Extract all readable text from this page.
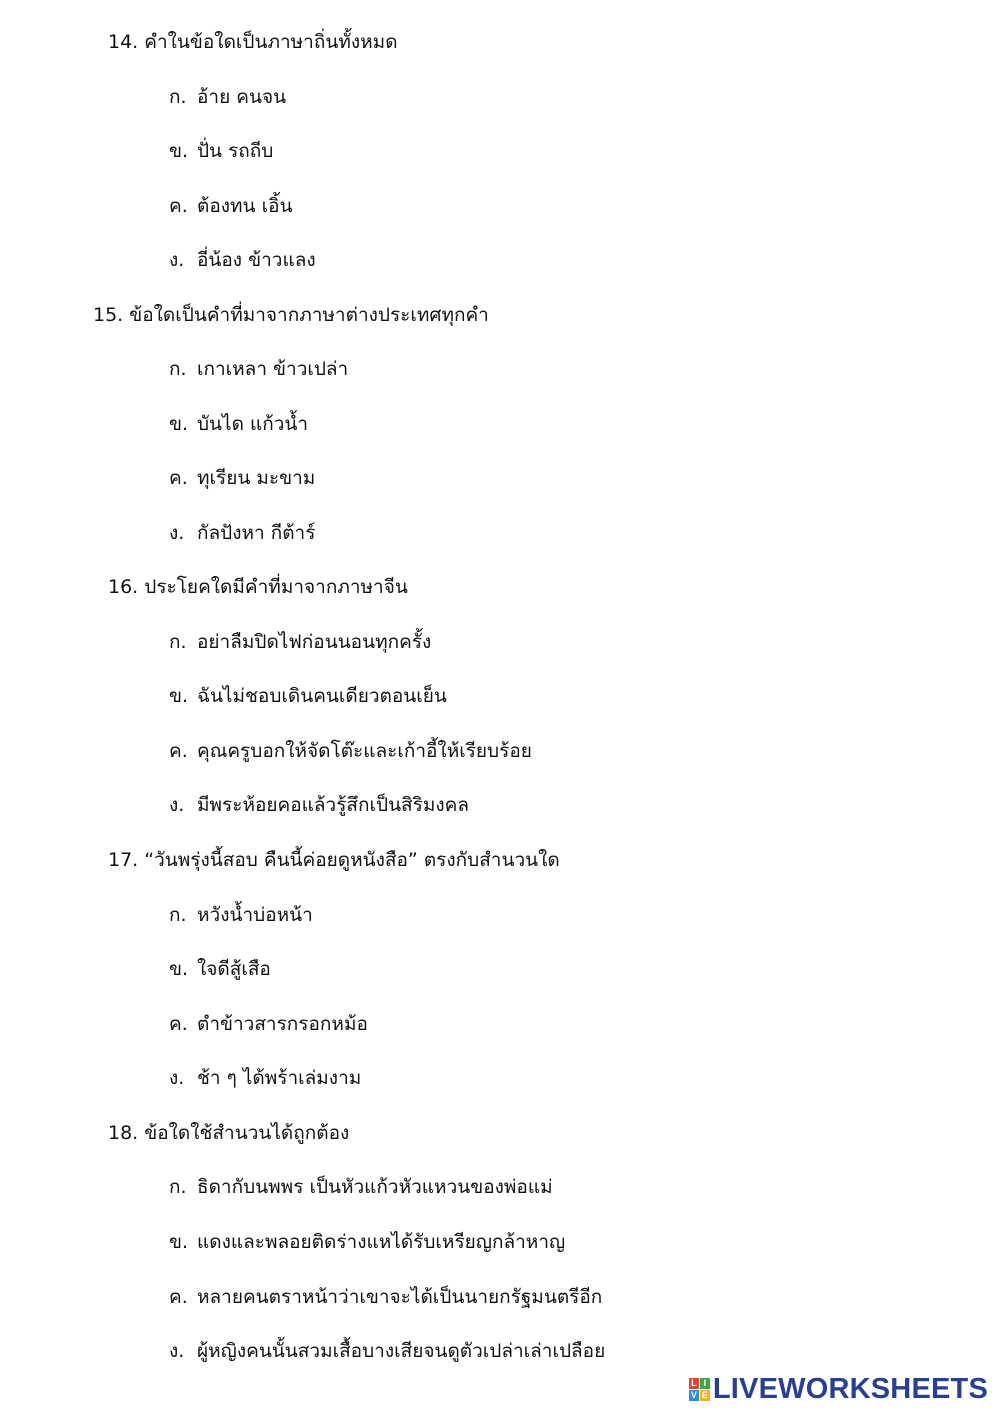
14. คำในข้อใดเป็นภาษาถิ่นทั้งหมด
ก. อ้าย คนจน
ข. ปั่น รถถีบ
ค. ต้องทน เอิ้น
ง. อี่น้อง ข้าวแลง
15. ข้อใดเป็นคำที่มาจากภาษาต่างประเทศทุกคำ
ก. เกาเหลา ข้าวเปล่า
ข. บันได แก้วน้ำ
ค. ทุเรียน มะขาม
ง. กัลปังหา กีต้าร์
16. ประโยคใดมีคำที่มาจากภาษาจีน
ก. อย่าลืมปิดไฟก่อนนอนทุกครั้ง
ข. ฉันไม่ชอบเดินคนเดียวตอนเย็น
ค. คุณครูบอกให้จัดโต๊ะและเก้าอี้ให้เรียบร้อย
ง. มีพระห้อยคอแล้วรู้สึกเป็นสิริมงคล
17. “วันพรุ่งนี้สอบ คืนนี้ค่อยดูหนังสือ” ตรงกับสำนวนใด
ก. หวังน้ำบ่อหน้า
ข. ใจดีสู้เสือ
ค. ตำข้าวสารกรอกหม้อ
ง. ช้า ๆ ได้พร้าเล่มงาม
18. ข้อใดใช้สำนวนได้ถูกต้อง
ก. ธิดากับนพพร เป็นหัวแก้วหัวแหวนของพ่อแม่
ข. แดงและพลอยติดร่างแหได้รับเหรียญกล้าหาญ
ค. หลายคนตราหน้าว่าเขาจะได้เป็นนายกรัฐมนตรีอีก
ง. ผู้หญิงคนนั้นสวมเสื้อบางเสียจนดูตัวเปล่าเล่าเปลือย
L I
V E LIVEWORKSHEETS
